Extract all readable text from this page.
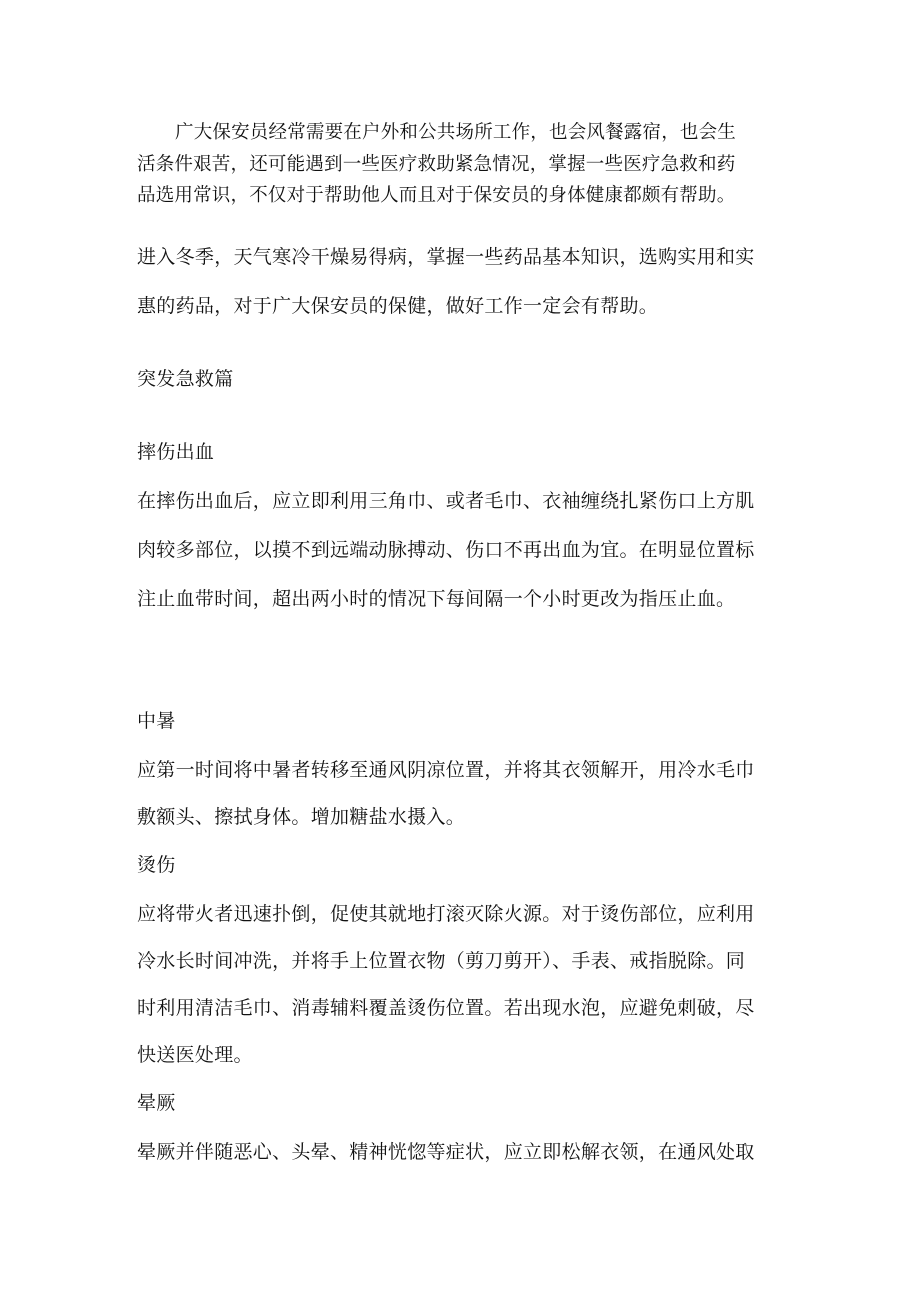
广大保安员经常需要在户外和公共场所工作，也会风餐露宿，也会生
活条件艰苦，还可能遇到一些医疗救助紧急情况，掌握一些医疗急救和药
品选用常识，不仅对于帮助他人而且对于保安员的身体健康都颇有帮助。
进入冬季，天气寒冷干燥易得病，掌握一些药品基本知识，选购实用和实
惠的药品，对于广大保安员的保健，做好工作一定会有帮助。
突发急救篇
摔伤出血
在摔伤出血后，应立即利用三角巾、或者毛巾、衣袖缠绕扎紧伤口上方肌
肉较多部位，以摸不到远端动脉搏动、伤口不再出血为宜。在明显位置标
注止血带时间，超出两小时的情况下每间隔一个小时更改为指压止血。
中暑
应第一时间将中暑者转移至通风阴凉位置，并将其衣领解开，用冷水毛巾
敷额头、擦拭身体。增加糖盐水摄入。
烫伤
应将带火者迅速扑倒，促使其就地打滚灭除火源。对于烫伤部位，应利用
冷水长时间冲洗，并将手上位置衣物（剪刀剪开）、手表、戒指脱除。同
时利用清洁毛巾、消毒辅料覆盖烫伤位置。若出现水泡，应避免刺破，尽
快送医处理。
晕厥
晕厥并伴随恶心、头晕、精神恍惚等症状，应立即松解衣领，在通风处取
